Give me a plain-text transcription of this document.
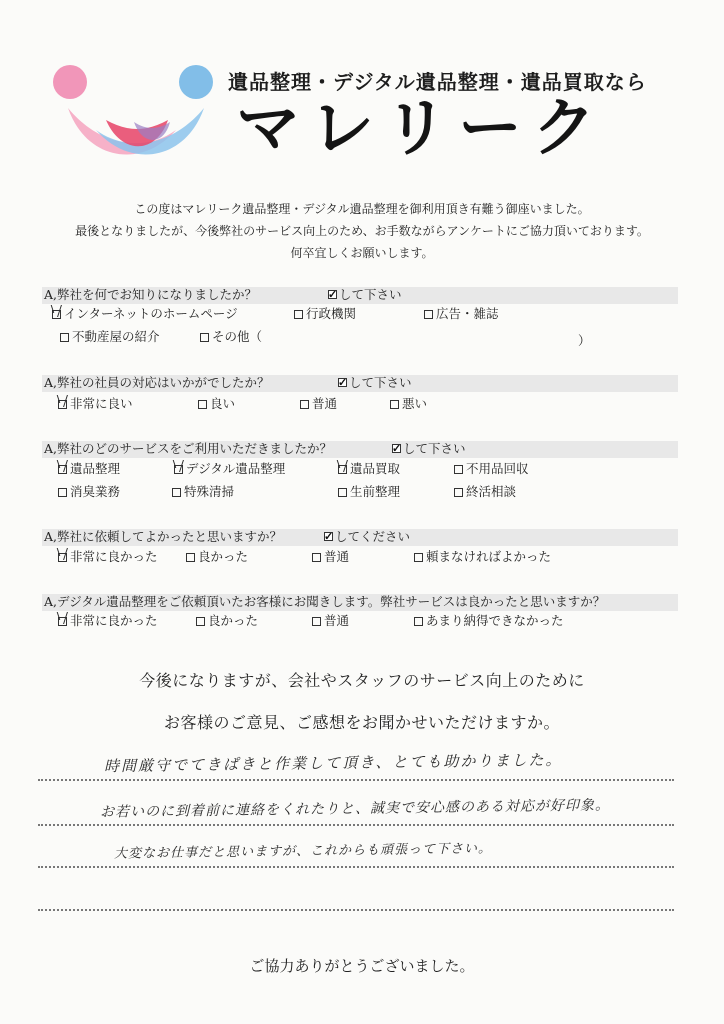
遺品整理・デジタル遺品整理・遺品買取なら
マレリーク
この度はマレリーク遺品整理・デジタル遺品整理を御利用頂き有難う御座いました。
最後となりましたが、今後弊社のサービス向上のため、お手数ながらアンケートにご協力頂いております。
何卒宜しくお願いします。
A,弊社を何でお知りになりましたか？ ✓	して下さい
インターネットのホームページ	行政機関	広告・雑誌
不動産屋の紹介	その他（	）
A,弊社の社員の対応はいかがでしたか？ ✓	して下さい
非常に良い	良い	普通	悪い
A,弊社のどのサービスをご利用いただきましたか？ ✓	して下さい
遺品整理	デジタル遺品整理	遺品買取	不用品回収
消臭業務	特殊清掃	生前整理	終活相談
A,弊社に依頼してよかったと思いますか？ ✓	してください
非常に良かった	良かった	普通	頼まなければよかった
A,デジタル遺品整理をご依頼頂いたお客様にお聞きします。弊社サービスは良かったと思いますか？
非常に良かった	良かった	普通	あまり納得できなかった
今後になりますが、会社やスタッフのサービス向上のために
お客様のご意見、ご感想をお聞かせいただけますか。
時間厳守でてきぱきと作業して頂き、とても助かりました。
お若いのに到着前に連絡をくれたりと、誠実で安心感のある対応が好印象。
大変なお仕事だと思いますが、これからも頑張って下さい。
ご協力ありがとうございました。
